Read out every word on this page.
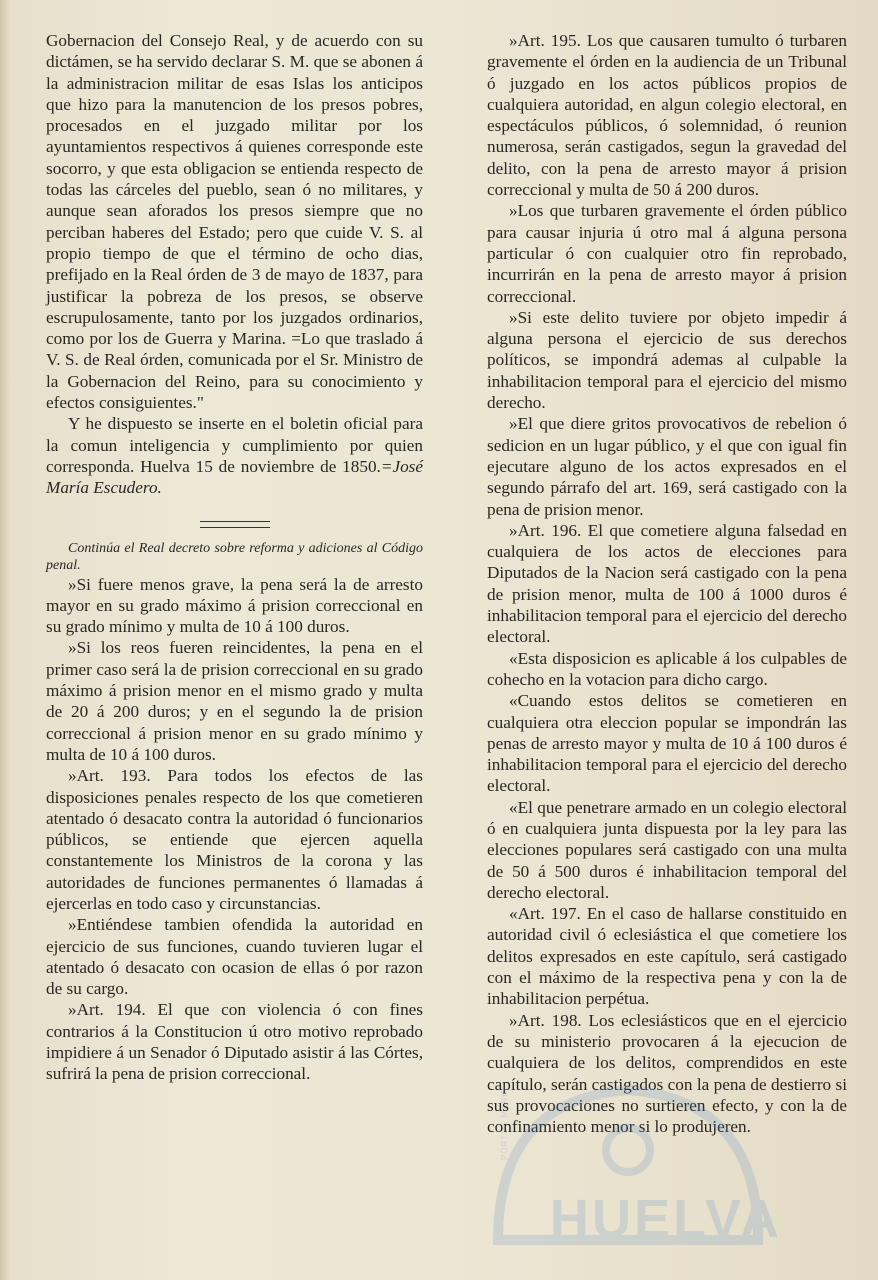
Gobernacion del Consejo Real, y de acuerdo con su dictámen, se ha servido declarar S. M. que se abonen á la administracion militar de esas Islas los anticipos que hizo para la manutencion de los presos pobres, procesados en el juzgado militar por los ayuntamientos respectivos á quienes corresponde este socorro, y que esta obligacion se entienda respecto de todas las cárceles del pueblo, sean ó no militares, y aunque sean aforados los presos siempre que no perciban haberes del Estado; pero que cuide V. S. al propio tiempo de que el término de ocho dias, prefijado en la Real órden de 3 de mayo de 1837, para justificar la pobreza de los presos, se observe escrupulosamente, tanto por los juzgados ordinarios, como por los de Guerra y Marina. =Lo que traslado á V. S. de Real órden, comunicada por el Sr. Ministro de la Gobernacion del Reino, para su conocimiento y efectos consiguientes."

Y he dispuesto se inserte en el boletin oficial para la comun inteligencia y cumplimiento por quien corresponda. Huelva 15 de noviembre de 1850.=José María Escudero.

Continúa el Real decreto sobre reforma y adiciones al Código penal.

»Si fuere menos grave, la pena será la de arresto mayor en su grado máximo á prision correccional en su grado mínimo y multa de 10 á 100 duros.

»Si los reos fueren reincidentes, la pena en el primer caso será la de prision correccional en su grado máximo á prision menor en el mismo grado y multa de 20 á 200 duros; y en el segundo la de prision correccional á prision menor en su grado mínimo y multa de 10 á 100 duros.

»Art. 193. Para todos los efectos de las disposiciones penales respecto de los que cometieren atentado ó desacato contra la autoridad ó funcionarios públicos, se entiende que ejercen aquella constantemente los Ministros de la corona y las autoridades de funciones permanentes ó llamadas á ejercerlas en todo caso y circunstancias.

»Entiéndese tambien ofendida la autoridad en ejercicio de sus funciones, cuando tuvieren lugar el atentado ó desacato con ocasion de ellas ó por razon de su cargo.

»Art. 194. El que con violencia ó con fines contrarios á la Constitucion ú otro motivo reprobado impidiere á un Senador ó Diputado asistir á las Córtes, sufrirá la pena de prision correccional.

»Art. 195. Los que causaren tumulto ó turbaren gravemente el órden en la audiencia de un Tribunal ó juzgado en los actos públicos propios de cualquiera autoridad, en algun colegio electoral, en espectáculos públicos, ó solemnidad, ó reunion numerosa, serán castigados, segun la gravedad del delito, con la pena de arresto mayor á prision correccional y multa de 50 á 200 duros.

»Los que turbaren gravemente el órden público para causar injuria ú otro mal á alguna persona particular ó con cualquier otro fin reprobado, incurrirán en la pena de arresto mayor á prision correccional.

»Si este delito tuviere por objeto impedir á alguna persona el ejercicio de sus derechos políticos, se impondrá ademas al culpable la inhabilitacion temporal para el ejercicio del mismo derecho.

»El que diere gritos provocativos de rebelion ó sedicion en un lugar público, y el que con igual fin ejecutare alguno de los actos expresados en el segundo párrafo del art. 169, será castigado con la pena de prision menor.

»Art. 196. El que cometiere alguna falsedad en cualquiera de los actos de elecciones para Diputados de la Nacion será castigado con la pena de prision menor, multa de 100 á 1000 duros é inhabilitacion temporal para el ejercicio del derecho electoral.

«Esta disposicion es aplicable á los culpables de cohecho en la votacion para dicho cargo.

«Cuando estos delitos se cometieren en cualquiera otra eleccion popular se impondrán las penas de arresto mayor y multa de 10 á 100 duros é inhabilitacion temporal para el ejercicio del derecho electoral.

«El que penetrare armado en un colegio electoral ó en cualquiera junta dispuesta por la ley para las elecciones populares será castigado con una multa de 50 á 500 duros é inhabilitacion temporal del derecho electoral.

«Art. 197. En el caso de hallarse constituido en autoridad civil ó eclesiástica el que cometiere los delitos expresados en este capítulo, será castigado con el máximo de la respectiva pena y con la de inhabilitacion perpétua.

»Art. 198. Los eclesiásticos que en el ejercicio de su ministerio provocaren á la ejecucion de cualquiera de los delitos, comprendidos en este capítulo, serán castigados con la pena de destierro si sus provocaciones no surtieren efecto, y con la de confinamiento menor si lo produjeren.

PORTUS MARIS
HUELVA
